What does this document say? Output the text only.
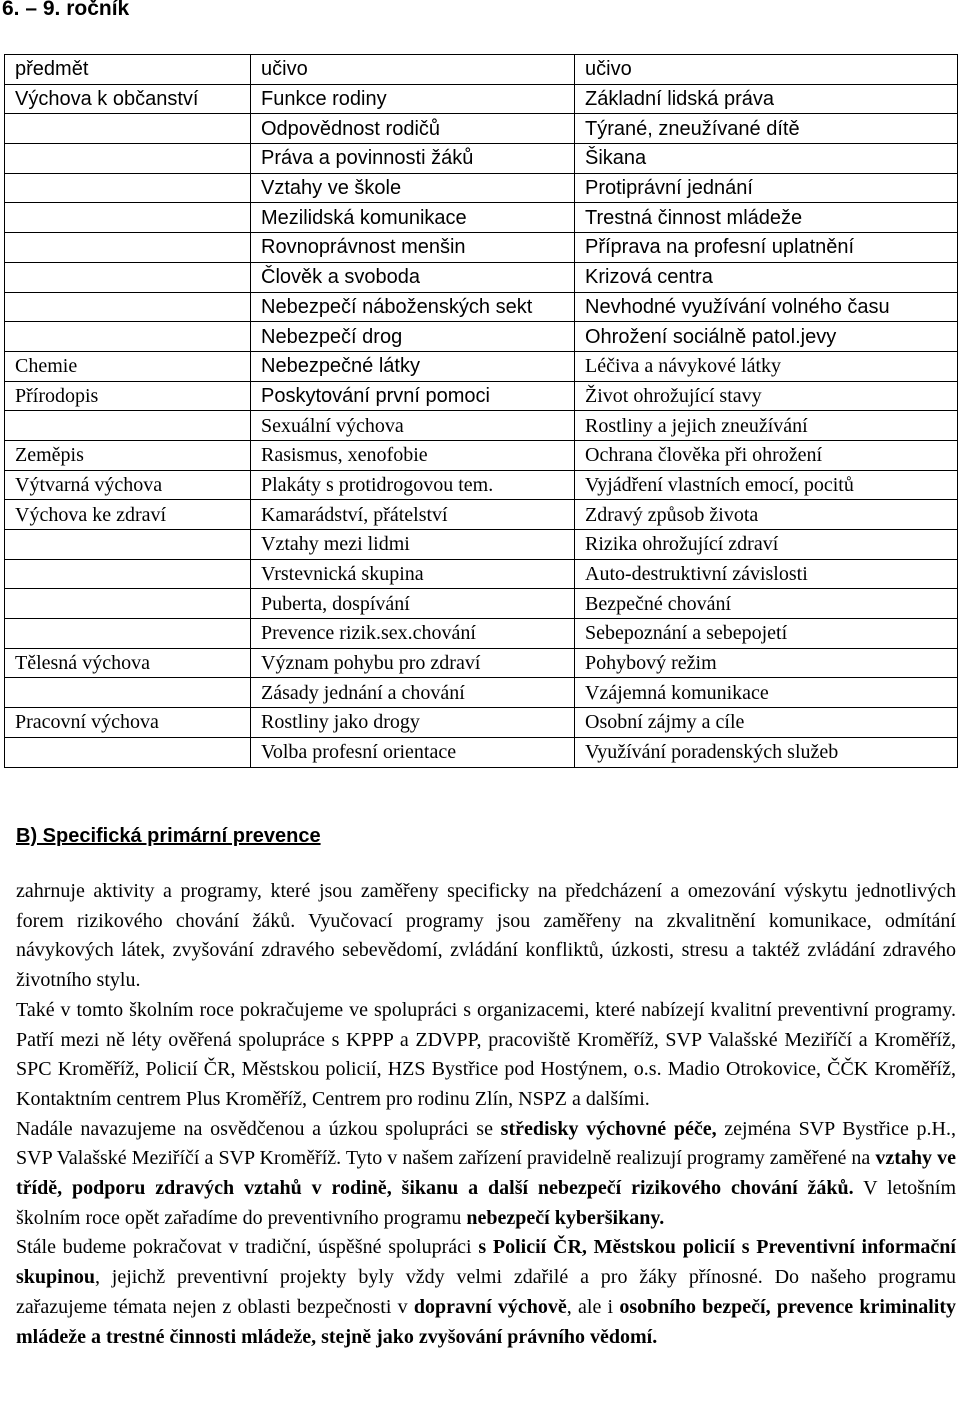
6. – 9. ročník
předmět	učivo	učivo
Výchova k občanství	Funkce rodiny	Základní lidská práva
	Odpovědnost rodičů	Týrané, zneužívané dítě
	Práva a povinnosti žáků	Šikana
	Vztahy ve škole	Protiprávní jednání
	Mezilidská komunikace	Trestná činnost mládeže
	Rovnoprávnost menšin	Příprava na profesní uplatnění
	Člověk a svoboda	Krizová centra
	Nebezpečí náboženských sekt	Nevhodné využívání volného času
	Nebezpečí drog	Ohrožení sociálně patol.jevy
Chemie	Nebezpečné látky	Léčiva a návykové látky
Přírodopis	Poskytování první pomoci	Život ohrožující stavy
	Sexuální výchova	Rostliny a jejich zneužívání
Zeměpis	Rasismus, xenofobie	Ochrana člověka při ohrožení
Výtvarná výchova	Plakáty s protidrogovou tem.	Vyjádření vlastních emocí, pocitů
Výchova ke zdraví	Kamarádství, přátelství	Zdravý způsob života
	Vztahy mezi lidmi	Rizika ohrožující zdraví
	Vrstevnická skupina	Auto-destruktivní závislosti
	Puberta, dospívání	Bezpečné chování
	Prevence rizik.sex.chování	Sebepoznání a sebepojetí
Tělesná výchova	Význam pohybu pro zdraví	Pohybový režim
	Zásady jednání a chování	Vzájemná komunikace
Pracovní výchova	Rostliny jako drogy	Osobní zájmy a cíle
	Volba profesní orientace	Využívání poradenských služeb
B) Specifická primární prevence

zahrnuje aktivity a programy, které jsou zaměřeny specificky na předcházení a omezování výskytu jednotlivých forem rizikového chování žáků. Vyučovací programy jsou zaměřeny na zkvalitnění komunikace, odmítání návykových látek, zvyšování zdravého sebevědomí, zvládání konfliktů, úzkosti, stresu a taktéž zvládání zdravého životního stylu.

Také v tomto školním roce pokračujeme ve spolupráci s organizacemi, které nabízejí kvalitní preventivní programy. Patří mezi ně léty ověřená spolupráce s KPPP a ZDVPP, pracoviště Kroměříž, SVP Valašské Meziříčí a Kroměříž, SPC Kroměříž, Policií ČR, Městskou policií, HZS Bystřice pod Hostýnem, o.s. Madio Otrokovice, ČČK Kroměříž, Kontaktním centrem Plus Kroměříž, Centrem pro rodinu Zlín, NSPZ a dalšími.

Nadále navazujeme na osvědčenou a úzkou spolupráci se středisky výchovné péče, zejména SVP Bystřice p.H., SVP Valašské Meziříčí a SVP Kroměříž. Tyto v našem zařízení pravidelně realizují programy zaměřené na vztahy ve třídě, podporu zdravých vztahů v rodině, šikanu a další nebezpečí rizikového chování žáků. V letošním školním roce opět zařadíme do preventivního programu nebezpečí kyberšikany.

Stále budeme pokračovat v tradiční, úspěšné spolupráci s Policií ČR, Městskou policií s Preventivní informační skupinou, jejichž preventivní projekty byly vždy velmi zdařilé a pro žáky přínosné. Do našeho programu zařazujeme témata nejen z oblasti bezpečnosti v dopravní výchově, ale i osobního bezpečí, prevence kriminality mládeže a trestné činnosti mládeže, stejně jako zvyšování právního vědomí.
